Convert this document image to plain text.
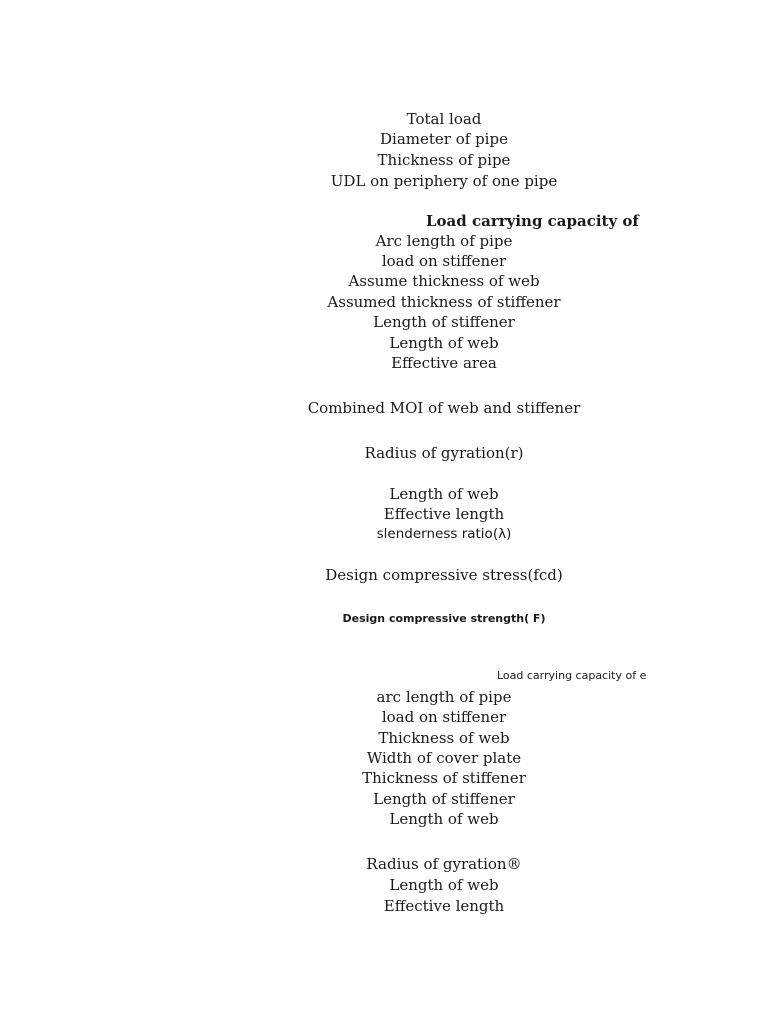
Total load
Diameter of pipe
Thickness of pipe
UDL on periphery of one pipe
Load carrying capacity of
Arc length of pipe
load on stiffener
Assume thickness of web
Assumed thickness of stiffener
Length of stiffener
Length of web
Effective area
Combined MOI of web and stiffener
Radius of gyration(r)
Length of web
Effective length
slenderness ratio(λ)
Design compressive stress(fcd)
Design compressive strength( F)
Load carrying capacity of e
arc length of pipe
load on stiffener
Thickness of web
Width of cover plate
Thickness of stiffener
Length of stiffener
Length of web
Radius of gyration®
Length of web
Effective length
